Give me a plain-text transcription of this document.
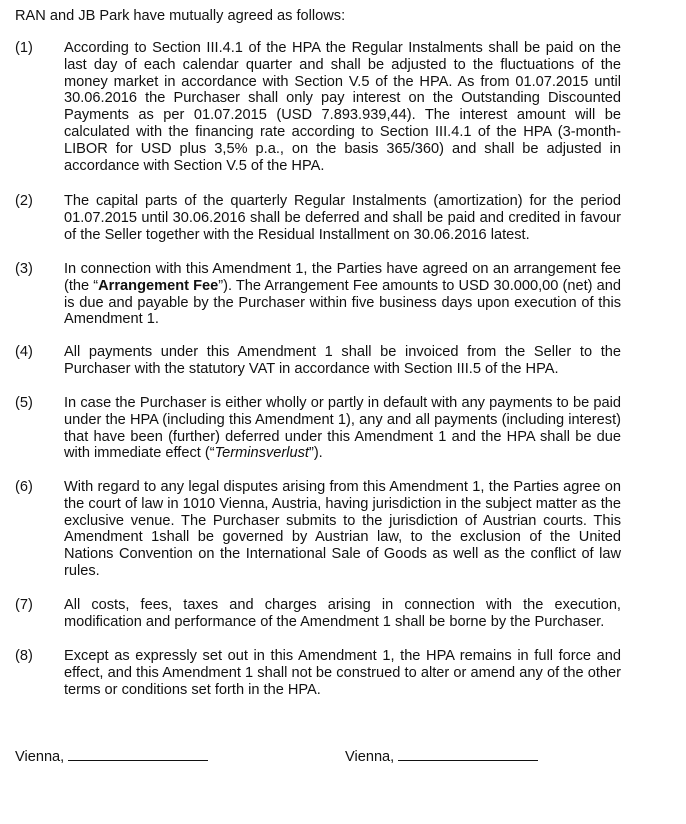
RAN and JB Park have mutually agreed as follows:
(1)	According to Section III.4.1 of the HPA the Regular Instalments shall be paid on the last day of each calendar quarter and shall be adjusted to the fluctuations of the money market in accordance with Section V.5 of the HPA. As from 01.07.2015 until 30.06.2016 the Purchaser shall only pay interest on the Outstanding Discounted Payments as per 01.07.2015 (USD 7.893.939,44). The interest amount will be calculated with the financing rate according to Section III.4.1 of the HPA (3-month-LIBOR for USD plus 3,5% p.a., on the basis 365/360) and shall be adjusted in accordance with Section V.5 of the HPA.
(2)	The capital parts of the quarterly Regular Instalments (amortization) for the period 01.07.2015 until 30.06.2016 shall be deferred and shall be paid and credited in favour of the Seller together with the Residual Installment on 30.06.2016 latest.
(3)	In connection with this Amendment 1, the Parties have agreed on an arrangement fee (the “Arrangement Fee”). The Arrangement Fee amounts to USD 30.000,00 (net) and is due and payable by the Purchaser within five business days upon execution of this Amendment 1.
(4)	All payments under this Amendment 1 shall be invoiced from the Seller to the Purchaser with the statutory VAT in accordance with Section III.5 of the HPA.
(5)	In case the Purchaser is either wholly or partly in default with any payments to be paid under the HPA (including this Amendment 1), any and all payments (including interest) that have been (further) deferred under this Amendment 1 and the HPA shall be due with immediate effect (“Terminsverlust”).
(6)	With regard to any legal disputes arising from this Amendment 1, the Parties agree on the court of law in 1010 Vienna, Austria, having jurisdiction in the subject matter as the exclusive venue. The Purchaser submits to the jurisdiction of Austrian courts. This Amendment 1shall be governed by Austrian law, to the exclusion of the United Nations Convention on the International Sale of Goods as well as the conflict of law rules.
(7)	All costs, fees, taxes and charges arising in connection with the execution, modification and performance of the Amendment 1 shall be borne by the Purchaser.
(8)	Except as expressly set out in this Amendment 1, the HPA remains in full force and effect, and this Amendment 1 shall not be construed to alter or amend any of the other terms or conditions set forth in the HPA.
Vienna,	Vienna,
